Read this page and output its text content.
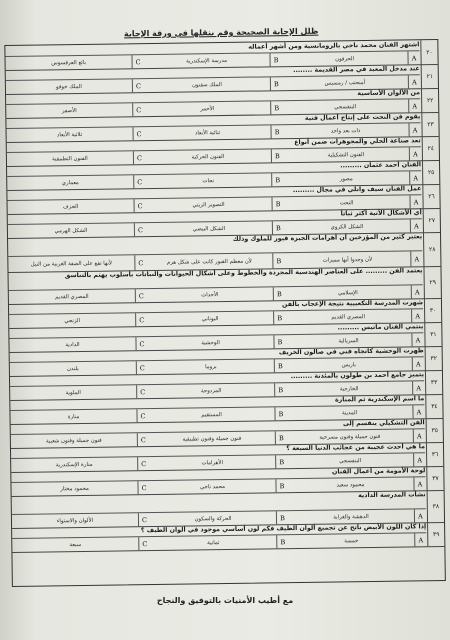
ظلل الإجابة الصحيحة وقم بنقلها في ورقة الإجابة
٢٠
اشتهر الفنان محمد ناجي بالرومانسية ومن أشهر أعماله
A
الحرفون
B
مدرسة الإسكندرية
C
بائع العرقسوس
٢١
عند مدخل المعبد في مصر القديمة ........
A
أمنحتب / رمسيس
B
الملك سقنون
C
الملك خوفو
٢٢
من الألوان الأساسية
A
البنفسجي
B
الأحمر
C
الأصفر
٢٣
يقوم فن النحت على إنتاج أعمال فنية
A
ذات بعد واحد
B
ثنائية الأبعاد
C
ثلاثية الأبعاد
٢٤
تعد صناعة الحلي والمجوهرات ضمن أنواع
A
الفنون التشكيلية
B
الفنون الحركية
C
الفنون التطبيقية
٢٥
الفنان أحمد عثمان .........
A
مصور
B
نحات
C
معماري
٢٦
عمل الفنان سيف وانلي في مجال .........
A
النحت
B
التصوير الزيتي
C
الخزف
٢٧
أي الأشكال الآتية أكثر ثباتاً
A
الشكل الكروي
B
الشكل البيضي
C
الشكل الهرمي
٢٨
يعتبر كثير من المؤرخين أن أهرامات الجيزة قبور للملوك وذلك
A
لأن وجدوا أيها مميزات
B
لأن معظم القبور كانت على شكل هرم
C
لأنها تقع على الضفة الغربية من النيل
٢٩
يعتمد الفن ......... على العناصر الهندسية المجردة والخطوط وعلى أشكال الحيوانات والنباتات بأسلوب يهتم بالتناسق
A
الإسلامي
B
الأحداث
C
المصري القديم
٣٠
شهرت المدرسة التكعيبية نتيجة الإعجاب بالفن
A
المصري القديم
B
اليوناني
C
الزنجي
٣١
ينتمي الفنان ماتيس .........
A
السريالية
B
الوحشية
C
الدادية
٣٢
ظهرت الوحشية كاتجاه فني في صالون الخريف
A
باريس
B
بروما
C
بلندن
٣٣
يتميز جامع أحمد بن طولون بالمئذنة .........
A
الخارجية
B
المزدوجة
C
الملوية
٣٤
ما اسم الإسكندرية ثم المنارة
A
المدينة
B
المستقيم
C
منارة
٣٥
الفن التشكيلي ينقسم إلى
A
فنون جميلة وفنون مسرحية
B
فنون جميلة وفنون تطبيقية
C
فنون جميلة وفنون شعبية
٣٦
ما هي أحدث عجيبة من عجائب الدنيا السبعة ؟
A
البنفسجي
B
الأهرامات
C
منارة الإسكندرية
٣٧
لوحة الأمومة من أعمال الفنان
A
محمود سعيد
B
محمد ناجي
C
محمود مختار
٣٨
نشأت المدرسة الدادية
A
الدهشة والغرابة
B
الحركة والسكون
C
الألوان والاستواء
٣٩
إذا كان اللون الأبيض ناتج عن تجميع ألوان الطيف فكم لون أساسي موجود في ألوان الطيف ؟
A
خمسة
B
ثمانية
C
سبعة
مع أطيب الأمنيات بالتوفيق والنجاح
